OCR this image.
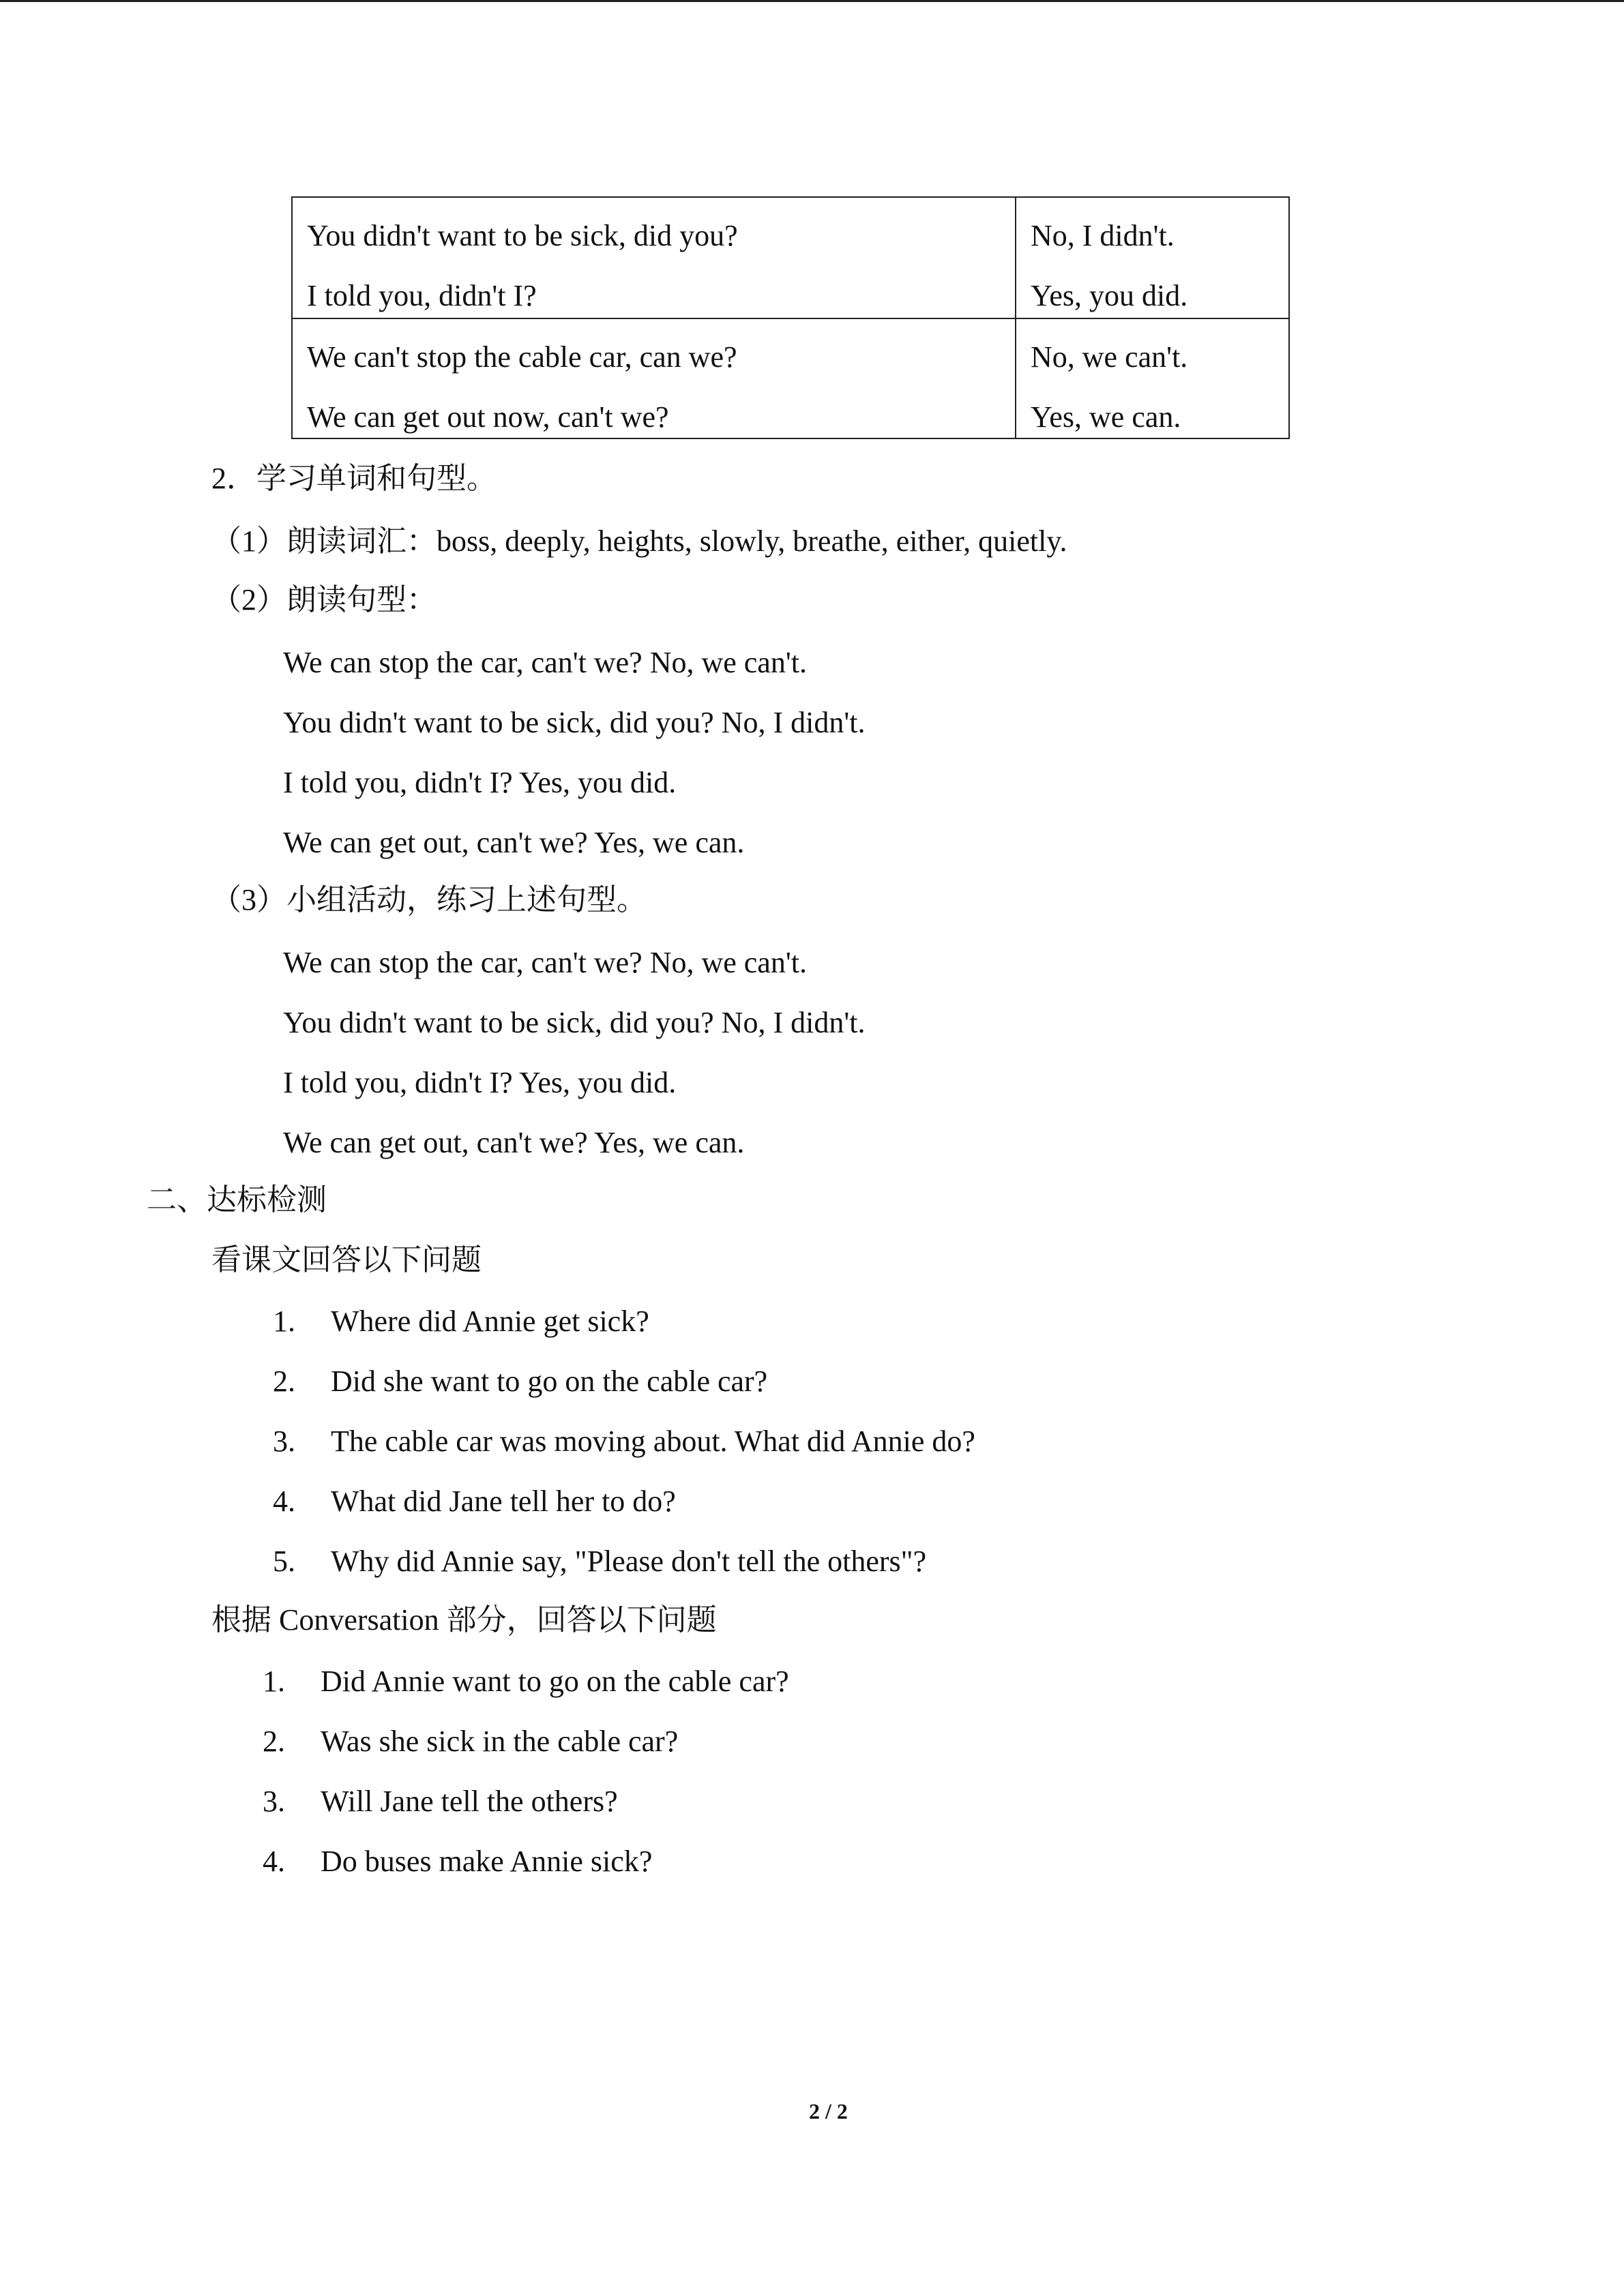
You didn't want to be sick, did you?
I told you, didn't I?
No, I didn't.
Yes, you did.
We can't stop the cable car, can we?
We can get out now, can't we?
No, we can't.
Yes, we can.
2．学习单词和句型。
（1）朗读词汇：boss, deeply, heights, slowly, breathe, either, quietly.
（2）朗读句型：
We can stop the car, can't we? No, we can't.
You didn't want to be sick, did you? No, I didn't.
I told you, didn't I? Yes, you did.
We can get out, can't we? Yes, we can.
（3）小组活动，练习上述句型。
We can stop the car, can't we? No, we can't.
You didn't want to be sick, did you? No, I didn't.
I told you, didn't I? Yes, you did.
We can get out, can't we? Yes, we can.
二、达标检测
看课文回答以下问题
1. Where did Annie get sick?
2. Did she want to go on the cable car?
3. The cable car was moving about. What did Annie do?
4. What did Jane tell her to do?
5. Why did Annie say, "Please don't tell the others"?
根据 Conversation 部分，回答以下问题
1. Did Annie want to go on the cable car?
2. Was she sick in the cable car?
3. Will Jane tell the others?
4. Do buses make Annie sick?
2 / 2
